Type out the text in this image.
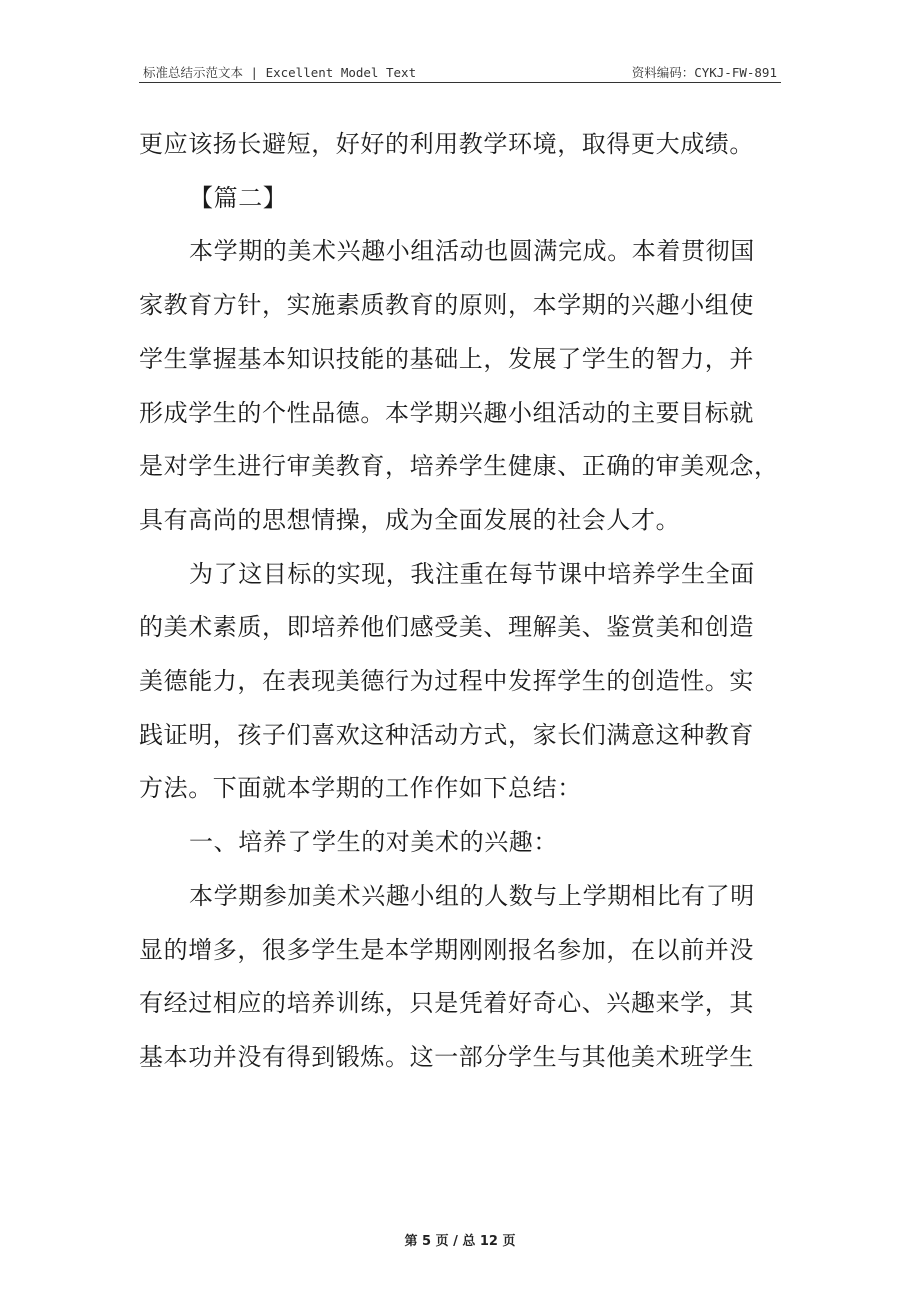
标准总结示范文本 | Excellent Model Text	资料编码：CYKJ-FW-891

更应该扬长避短，好好的利用教学环境，取得更大成绩。

【篇二】

本学期的美术兴趣小组活动也圆满完成。本着贯彻国

家教育方针，实施素质教育的原则，本学期的兴趣小组使

学生掌握基本知识技能的基础上，发展了学生的智力，并

形成学生的个性品德。本学期兴趣小组活动的主要目标就

是对学生进行审美教育，培养学生健康、正确的审美观念，

具有高尚的思想情操，成为全面发展的社会人才。

为了这目标的实现，我注重在每节课中培养学生全面

的美术素质，即培养他们感受美、理解美、鉴赏美和创造

美德能力，在表现美德行为过程中发挥学生的创造性。实

践证明，孩子们喜欢这种活动方式，家长们满意这种教育

方法。下面就本学期的工作作如下总结：

一、培养了学生的对美术的兴趣：

本学期参加美术兴趣小组的人数与上学期相比有了明

显的增多，很多学生是本学期刚刚报名参加，在以前并没

有经过相应的培养训练，只是凭着好奇心、兴趣来学，其

基本功并没有得到锻炼。这一部分学生与其他美术班学生

第 5 页 / 总 12 页
